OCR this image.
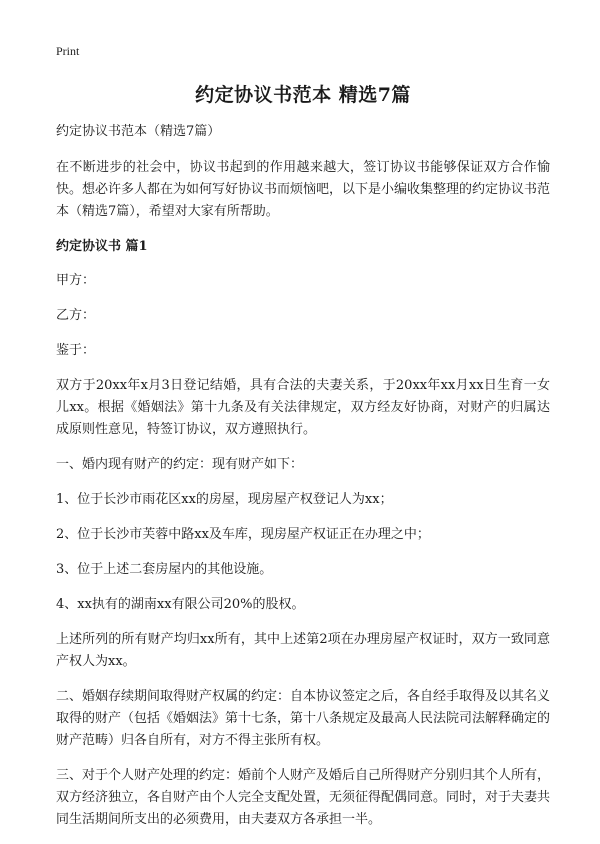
Print
约定协议书范本 精选7篇

约定协议书范本（精选7篇）

在不断进步的社会中，协议书起到的作用越来越大，签订协议书能够保证双方合作愉快。想必许多人都在为如何写好协议书而烦恼吧，以下是小编收集整理的约定协议书范本（精选7篇），希望对大家有所帮助。

约定协议书 篇1

甲方：

乙方：

鉴于：

双方于20xx年x月3日登记结婚，具有合法的夫妻关系，于20xx年xx月xx日生育一女儿xx。根据《婚姻法》第十九条及有关法律规定，双方经友好协商，对财产的归属达成原则性意见，特签订协议，双方遵照执行。

一、婚内现有财产的约定：现有财产如下：

1、位于长沙市雨花区xx的房屋，现房屋产权登记人为xx；

2、位于长沙市芙蓉中路xx及车库，现房屋产权证正在办理之中；

3、位于上述二套房屋内的其他设施。

4、xx执有的湖南xx有限公司20%的股权。

上述所列的所有财产均归xx所有，其中上述第2项在办理房屋产权证时，双方一致同意产权人为xx。

二、婚姻存续期间取得财产权属的约定：自本协议签定之后，各自经手取得及以其名义取得的财产（包括《婚姻法》第十七条，第十八条规定及最高人民法院司法解释确定的财产范畴）归各自所有，对方不得主张所有权。

三、对于个人财产处理的约定：婚前个人财产及婚后自己所得财产分别归其个人所有，双方经济独立，各自财产由个人完全支配处置，无须征得配偶同意。同时，对于夫妻共同生活期间所支出的必须费用，由夫妻双方各承担一半。
